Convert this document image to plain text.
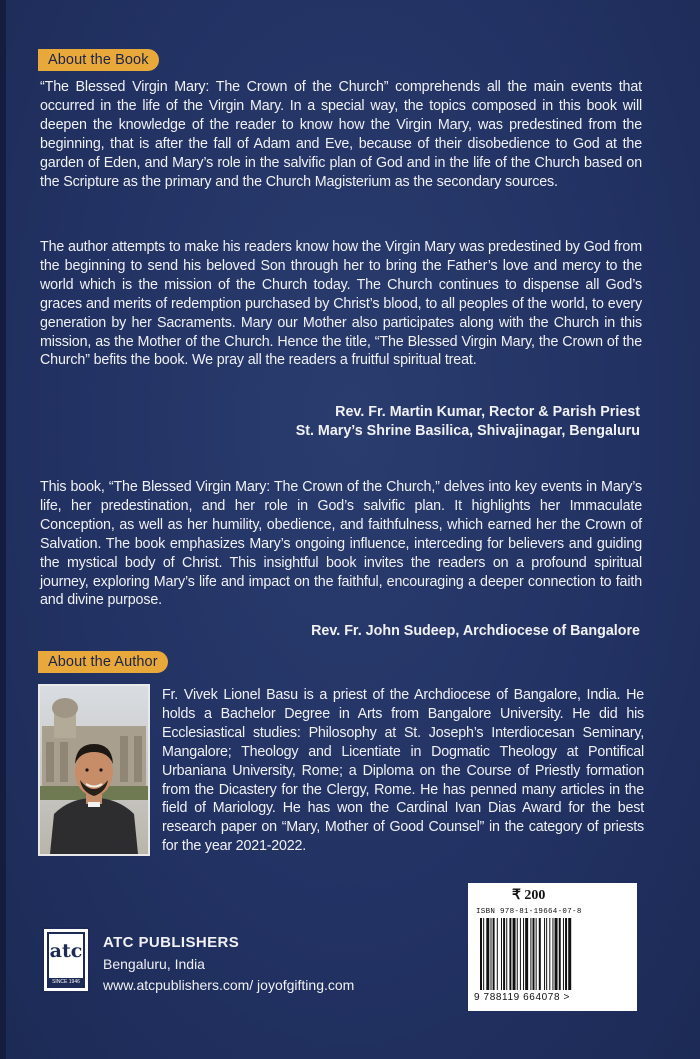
About the Book

“The Blessed Virgin Mary: The Crown of the Church” comprehends all the main events that occurred in the life of the Virgin Mary. In a special way, the topics composed in this book will deepen the knowledge of the reader to know how the Virgin Mary, was predestined from the beginning, that is after the fall of Adam and Eve, because of their disobedience to God at the garden of Eden, and Mary’s role in the salvific plan of God and in the life of the Church based on the Scripture as the primary and the Church Magisterium as the secondary sources.

The author attempts to make his readers know how the Virgin Mary was predestined by God from the beginning to send his beloved Son through her to bring the Father’s love and mercy to the world which is the mission of the Church today. The Church continues to dispense all God’s graces and merits of redemption purchased by Christ’s blood, to all peoples of the world, to every generation by her Sacraments. Mary our Mother also participates along with the Church in this mission, as the Mother of the Church. Hence the title, “The Blessed Virgin Mary, the Crown of the Church” befits the book. We pray all the readers a fruitful spiritual treat.

Rev. Fr. Martin Kumar, Rector & Parish Priest
St. Mary’s Shrine Basilica, Shivajinagar, Bengaluru

This book, “The Blessed Virgin Mary: The Crown of the Church,” delves into key events in Mary’s life, her predestination, and her role in God’s salvific plan. It highlights her Immaculate Conception, as well as her humility, obedience, and faithfulness, which earned her the Crown of Salvation. The book emphasizes Mary’s ongoing influence, interceding for believers and guiding the mystical body of Christ. This insightful book invites the readers on a profound spiritual journey, exploring Mary’s life and impact on the faithful, encouraging a deeper connection to faith and divine purpose.

Rev. Fr. John Sudeep, Archdiocese of Bangalore
About the Author

Fr. Vivek Lionel Basu is a priest of the Archdiocese of Bangalore, India. He holds a Bachelor Degree in Arts from Bangalore University. He did his Ecclesiastical studies: Philosophy at St. Joseph’s Interdiocesan Seminary, Mangalore; Theology and Licentiate in Dogmatic Theology at Pontifical Urbaniana University, Rome; a Diploma on the Course of Priestly formation from the Dicastery for the Clergy, Rome. He has penned many articles in the field of Mariology. He has won the Cardinal Ivan Dias Award for the best research paper on “Mary, Mother of Good Counsel” in the category of priests for the year 2021-2022.

atc
SINCE 1946
ATC PUBLISHERS
Bengaluru, India
www.atcpublishers.com/ joyofgifting.com
₹ 200
ISBN 978-81-19664-07-8
9 788119 664078 >
